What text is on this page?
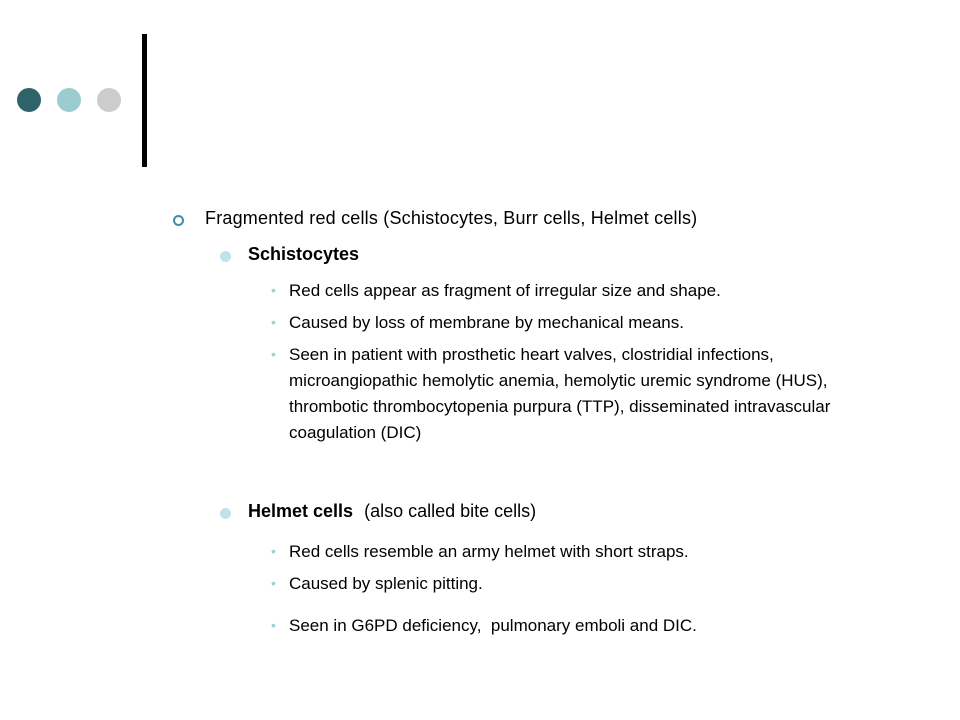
Fragmented red cells (Schistocytes, Burr cells, Helmet cells)
Schistocytes
• Red cells appear as fragment of irregular size and shape.
• Caused by loss of membrane by mechanical means.
• Seen in patient with prosthetic heart valves, clostridial infections, microangiopathic hemolytic anemia, hemolytic uremic syndrome (HUS), thrombotic thrombocytopenia purpura (TTP), disseminated intravascular coagulation (DIC)
Helmet cells (also called bite cells)
• Red cells resemble an army helmet with short straps.
• Caused by splenic pitting.
• Seen in G6PD deficiency,  pulmonary emboli and DIC.
